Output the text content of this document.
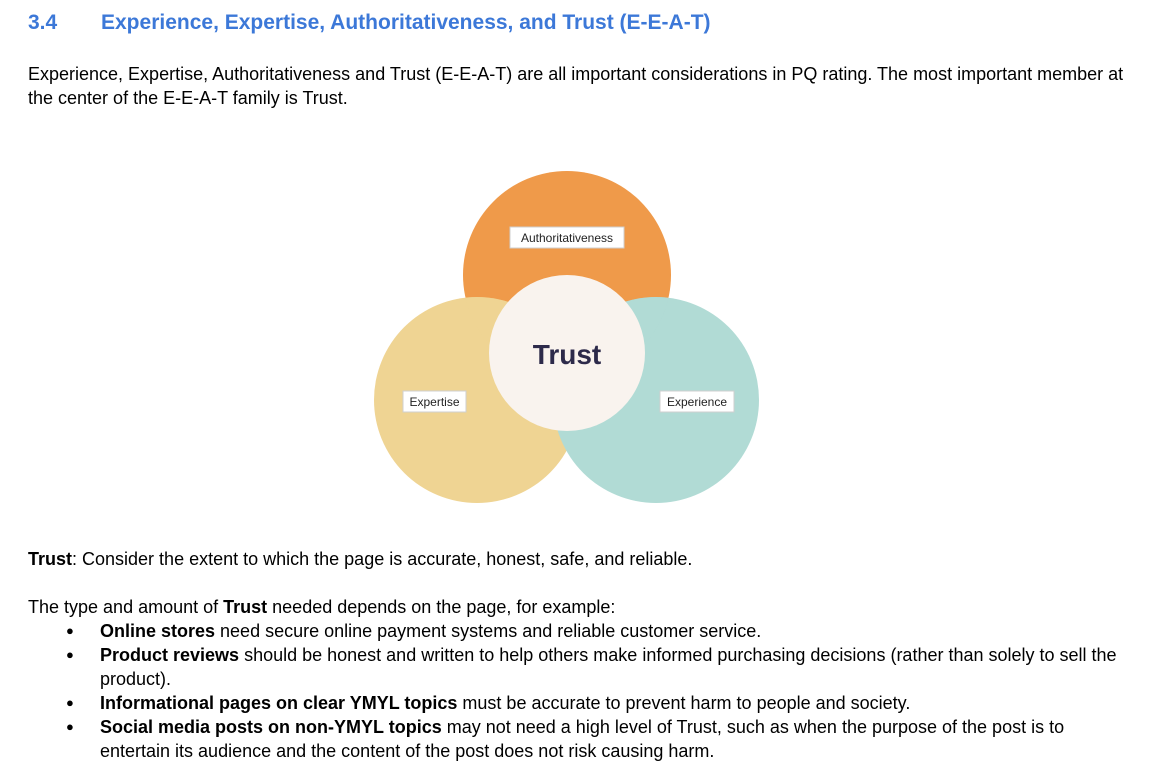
3.4 Experience, Expertise, Authoritativeness, and Trust (E-E-A-T)
Experience, Expertise, Authoritativeness and Trust (E-E-A-T) are all important considerations in PQ rating. The most important member at the center of the E-E-A-T family is Trust.
Authoritativeness
Expertise	Experience
Trust
Trust: Consider the extent to which the page is accurate, honest, safe, and reliable.
The type and amount of Trust needed depends on the page, for example:
● Online stores need secure online payment systems and reliable customer service.
● Product reviews should be honest and written to help others make informed purchasing decisions (rather than solely to sell the product).
● Informational pages on clear YMYL topics must be accurate to prevent harm to people and society.
● Social media posts on non-YMYL topics may not need a high level of Trust, such as when the purpose of the post is to entertain its audience and the content of the post does not risk causing harm.
